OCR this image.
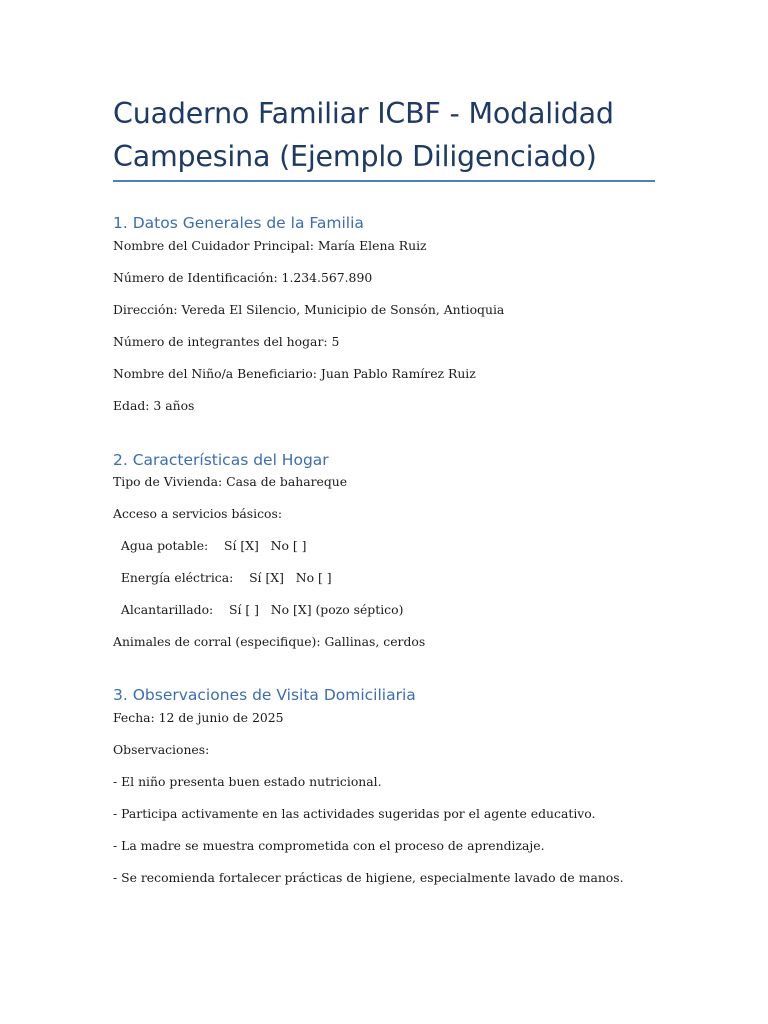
Cuaderno Familiar ICBF - Modalidad Campesina (Ejemplo Diligenciado)
1. Datos Generales de la Familia

Nombre del Cuidador Principal: María Elena Ruiz

Número de Identificación: 1.234.567.890

Dirección: Vereda El Silencio, Municipio de Sonsón, Antioquia

Número de integrantes del hogar: 5

Nombre del Niño/a Beneficiario: Juan Pablo Ramírez Ruiz

Edad: 3 años

2. Características del Hogar

Tipo de Vivienda: Casa de bahareque

Acceso a servicios básicos:

Agua potable:    Sí [X]   No [ ]

Energía eléctrica:    Sí [X]   No [ ]

Alcantarillado:    Sí [ ]   No [X] (pozo séptico)

Animales de corral (especifique): Gallinas, cerdos

3. Observaciones de Visita Domiciliaria

Fecha: 12 de junio de 2025

Observaciones:

- El niño presenta buen estado nutricional.

- Participa activamente en las actividades sugeridas por el agente educativo.

- La madre se muestra comprometida con el proceso de aprendizaje.

- Se recomienda fortalecer prácticas de higiene, especialmente lavado de manos.
